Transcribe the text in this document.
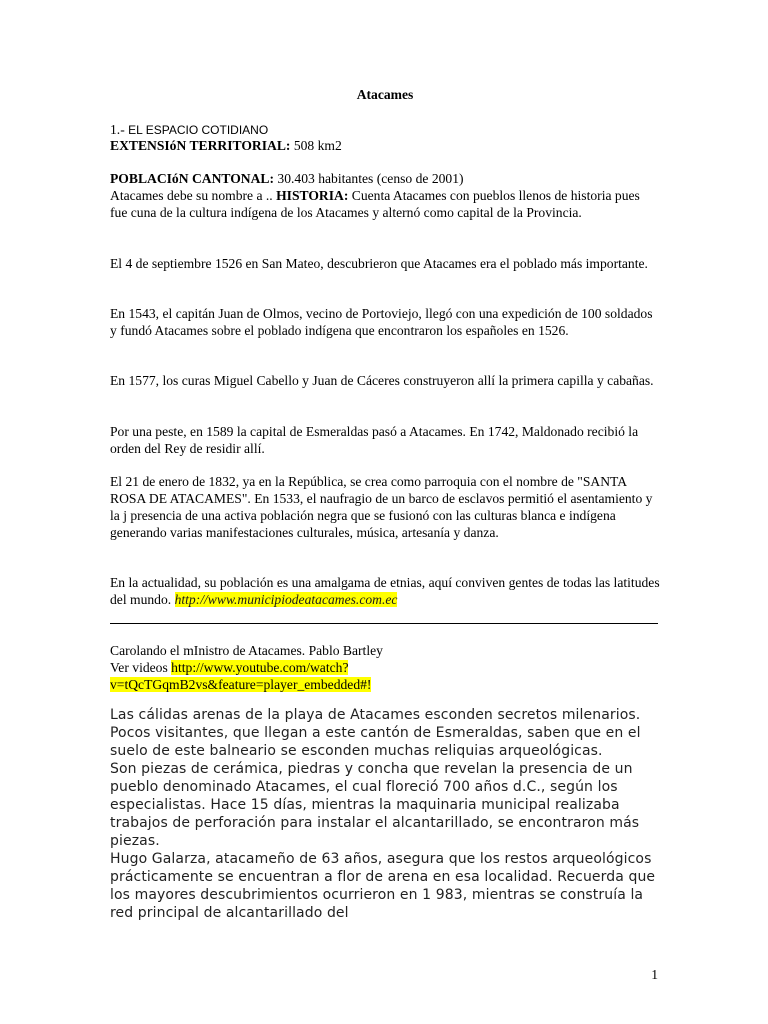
Atacames
1.- EL ESPACIO COTIDIANO
EXTENSIóN TERRITORIAL: 508 km2
POBLACIóN CANTONAL: 30.403 habitantes (censo de 2001)
Atacames debe su nombre a .. HISTORIA: Cuenta Atacames con pueblos llenos de historia pues fue cuna de la cultura indígena de los Atacames y alternó como capital de la Provincia.

El 4 de septiembre 1526 en San Mateo, descubrieron que Atacames era el poblado más importante.

En 1543, el capitán Juan de Olmos, vecino de Portoviejo, llegó con una expedición de 100 soldados y fundó Atacames sobre el poblado indígena que encontraron los españoles en 1526.

En 1577, los curas Miguel Cabello y Juan de Cáceres construyeron allí la primera capilla y cabañas.

Por una peste, en 1589 la capital de Esmeraldas pasó a Atacames. En 1742, Maldonado recibió la orden del Rey de residir allí.

El 21 de enero de 1832, ya en la República, se crea como parroquia con el nombre de "SANTA ROSA DE ATACAMES". En 1533, el naufragio de un barco de esclavos permitió el asentamiento y la j presencia de una activa población negra que se fusionó con las culturas blanca e indígena generando varias manifestaciones culturales, música, artesanía y danza.

En la actualidad, su población es una amalgama de etnias, aquí conviven gentes de todas las latitudes del mundo. http://www.municipiodeatacames.com.ec
Carolando el mInistro de Atacames. Pablo Bartley
Ver videos http://www.youtube.com/watch?
v=tQcTGqmB2vs&feature=player_embedded#!
Las cálidas arenas de la playa de Atacames esconden secretos milenarios. Pocos visitantes, que llegan a este cantón de Esmeraldas, saben que en el suelo de este balneario se esconden muchas reliquias arqueológicas.
Son piezas de cerámica, piedras y concha que revelan la presencia de un pueblo denominado Atacames, el cual floreció 700 años d.C., según los especialistas. Hace 15 días, mientras la maquinaria municipal realizaba trabajos de perforación para instalar el alcantarillado, se encontraron más piezas.
Hugo Galarza, atacameño de 63 años, asegura que los restos arqueológicos prácticamente se encuentran a flor de arena en esa localidad. Recuerda que los mayores descubrimientos ocurrieron en 1 983, mientras se construía la red principal de alcantarillado del
1
